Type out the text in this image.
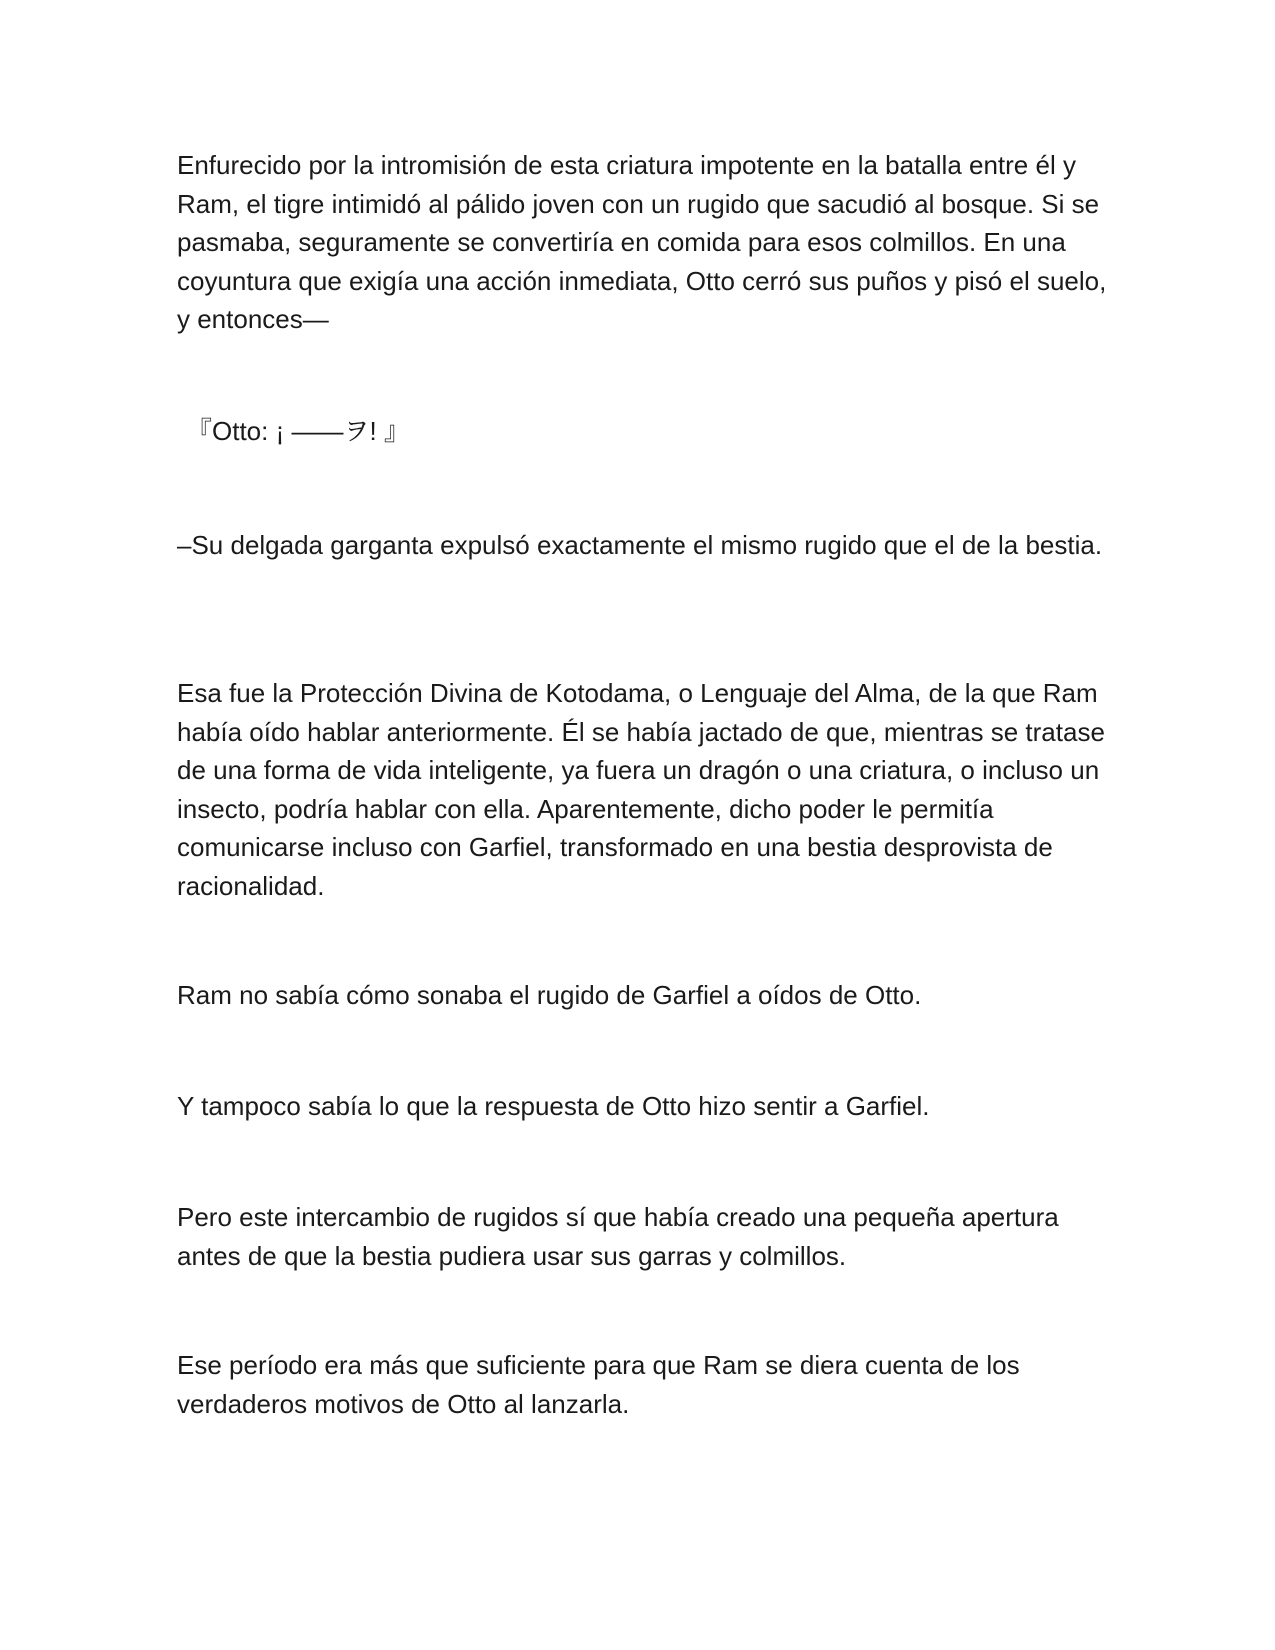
Enfurecido por la intromisión de esta criatura impotente en la batalla entre él y Ram, el tigre intimidó al pálido joven con un rugido que sacudió al bosque. Si se pasmaba, seguramente se convertiría en comida para esos colmillos. En una coyuntura que exigía una acción inmediata, Otto cerró sus puños y pisó el suelo, y entonces—

『Otto: ¡ ——ヲ! 』

–Su delgada garganta expulsó exactamente el mismo rugido que el de la bestia.

Esa fue la Protección Divina de Kotodama, o Lenguaje del Alma, de la que Ram había oído hablar anteriormente. Él se había jactado de que, mientras se tratase de una forma de vida inteligente, ya fuera un dragón o una criatura, o incluso un insecto, podría hablar con ella. Aparentemente, dicho poder le permitía comunicarse incluso con Garfiel, transformado en una bestia desprovista de racionalidad.

Ram no sabía cómo sonaba el rugido de Garfiel a oídos de Otto.

Y tampoco sabía lo que la respuesta de Otto hizo sentir a Garfiel.

Pero este intercambio de rugidos sí que había creado una pequeña apertura antes de que la bestia pudiera usar sus garras y colmillos.

Ese período era más que suficiente para que Ram se diera cuenta de los verdaderos motivos de Otto al lanzarla.
